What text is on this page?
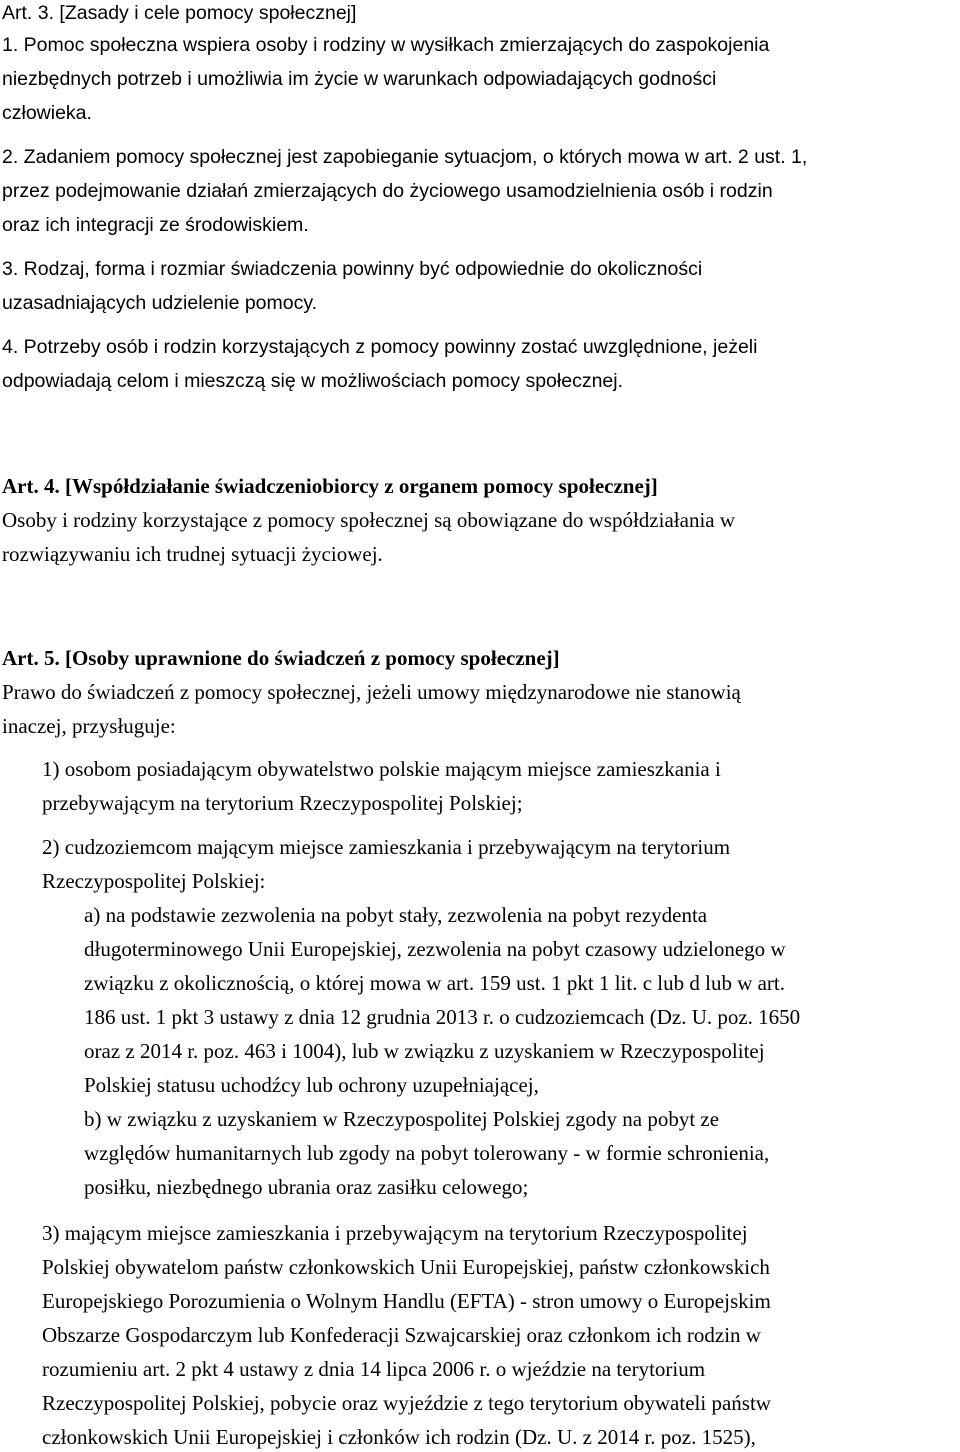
Art. 3. [Zasady i cele pomocy społecznej]
1. Pomoc społeczna wspiera osoby i rodziny w wysiłkach zmierzających do zaspokojenia
niezbędnych potrzeb i umożliwia im życie w warunkach odpowiadających godności
człowieka.
2. Zadaniem pomocy społecznej jest zapobieganie sytuacjom, o których mowa w art. 2 ust. 1,
przez podejmowanie działań zmierzających do życiowego usamodzielnienia osób i rodzin
oraz ich integracji ze środowiskiem.
3. Rodzaj, forma i rozmiar świadczenia powinny być odpowiednie do okoliczności
uzasadniających udzielenie pomocy.
4. Potrzeby osób i rodzin korzystających z pomocy powinny zostać uwzględnione, jeżeli
odpowiadają celom i mieszczą się w możliwościach pomocy społecznej.
Art. 4. [Współdziałanie świadczeniobiorcy z organem pomocy społecznej]
Osoby i rodziny korzystające z pomocy społecznej są obowiązane do współdziałania w
rozwiązywaniu ich trudnej sytuacji życiowej.
Art. 5. [Osoby uprawnione do świadczeń z pomocy społecznej]
Prawo do świadczeń z pomocy społecznej, jeżeli umowy międzynarodowe nie stanowią
inaczej, przysługuje:
1) osobom posiadającym obywatelstwo polskie mającym miejsce zamieszkania i
przebywającym na terytorium Rzeczypospolitej Polskiej;
2) cudzoziemcom mającym miejsce zamieszkania i przebywającym na terytorium
Rzeczypospolitej Polskiej:
a) na podstawie zezwolenia na pobyt stały, zezwolenia na pobyt rezydenta
długoterminowego Unii Europejskiej, zezwolenia na pobyt czasowy udzielonego w
związku z okolicznością, o której mowa w art. 159 ust. 1 pkt 1 lit. c lub d lub w art.
186 ust. 1 pkt 3 ustawy z dnia 12 grudnia 2013 r. o cudzoziemcach (Dz. U. poz. 1650
oraz z 2014 r. poz. 463 i 1004), lub w związku z uzyskaniem w Rzeczypospolitej
Polskiej statusu uchodźcy lub ochrony uzupełniającej,
b) w związku z uzyskaniem w Rzeczypospolitej Polskiej zgody na pobyt ze
względów humanitarnych lub zgody na pobyt tolerowany - w formie schronienia,
posiłku, niezbędnego ubrania oraz zasiłku celowego;
3) mającym miejsce zamieszkania i przebywającym na terytorium Rzeczypospolitej
Polskiej obywatelom państw członkowskich Unii Europejskiej, państw członkowskich
Europejskiego Porozumienia o Wolnym Handlu (EFTA) - stron umowy o Europejskim
Obszarze Gospodarczym lub Konfederacji Szwajcarskiej oraz członkom ich rodzin w
rozumieniu art. 2 pkt 4 ustawy z dnia 14 lipca 2006 r. o wjeździe na terytorium
Rzeczypospolitej Polskiej, pobycie oraz wyjeździe z tego terytorium obywateli państw
członkowskich Unii Europejskiej i członków ich rodzin (Dz. U. z 2014 r. poz. 1525),
